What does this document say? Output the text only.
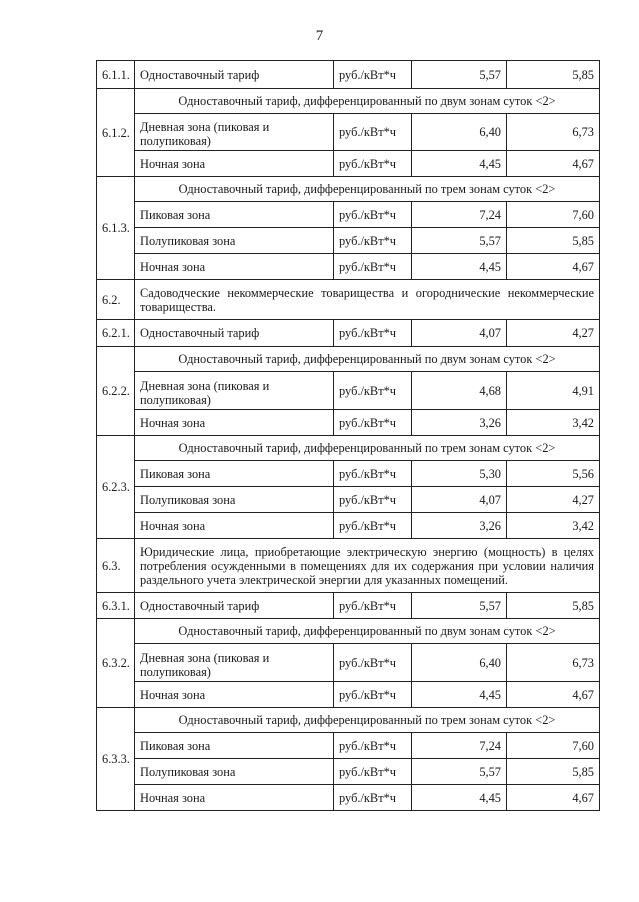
7
6.1.1.	Одноставочный тариф	руб./кВт*ч	5,57	5,85
6.1.2.	Одноставочный тариф, дифференцированный по двум зонам суток <2>			
	Дневная зона (пиковая и полупиковая)	руб./кВт*ч	6,40	6,73
	Ночная зона	руб./кВт*ч	4,45	4,67
6.1.3.	Одноставочный тариф, дифференцированный по трем зонам суток <2>			
	Пиковая зона	руб./кВт*ч	7,24	7,60
	Полупиковая зона	руб./кВт*ч	5,57	5,85
	Ночная зона	руб./кВт*ч	4,45	4,67
6.2.	Садоводческие некоммерческие товарищества и огороднические некоммерческие товарищества.			
6.2.1.	Одноставочный тариф	руб./кВт*ч	4,07	4,27
6.2.2.	Одноставочный тариф, дифференцированный по двум зонам суток <2>			
	Дневная зона (пиковая и полупиковая)	руб./кВт*ч	4,68	4,91
	Ночная зона	руб./кВт*ч	3,26	3,42
6.2.3.	Одноставочный тариф, дифференцированный по трем зонам суток <2>			
	Пиковая зона	руб./кВт*ч	5,30	5,56
	Полупиковая зона	руб./кВт*ч	4,07	4,27
	Ночная зона	руб./кВт*ч	3,26	3,42
6.3.	Юридические лица, приобретающие электрическую энергию (мощность) в целях потребления осужденными в помещениях для их содержания при условии наличия раздельного учета электрической энергии для указанных помещений.			
6.3.1.	Одноставочный тариф	руб./кВт*ч	5,57	5,85
6.3.2.	Одноставочный тариф, дифференцированный по двум зонам суток <2>			
	Дневная зона (пиковая и полупиковая)	руб./кВт*ч	6,40	6,73
	Ночная зона	руб./кВт*ч	4,45	4,67
6.3.3.	Одноставочный тариф, дифференцированный по трем зонам суток <2>			
	Пиковая зона	руб./кВт*ч	7,24	7,60
	Полупиковая зона	руб./кВт*ч	5,57	5,85
	Ночная зона	руб./кВт*ч	4,45	4,67
